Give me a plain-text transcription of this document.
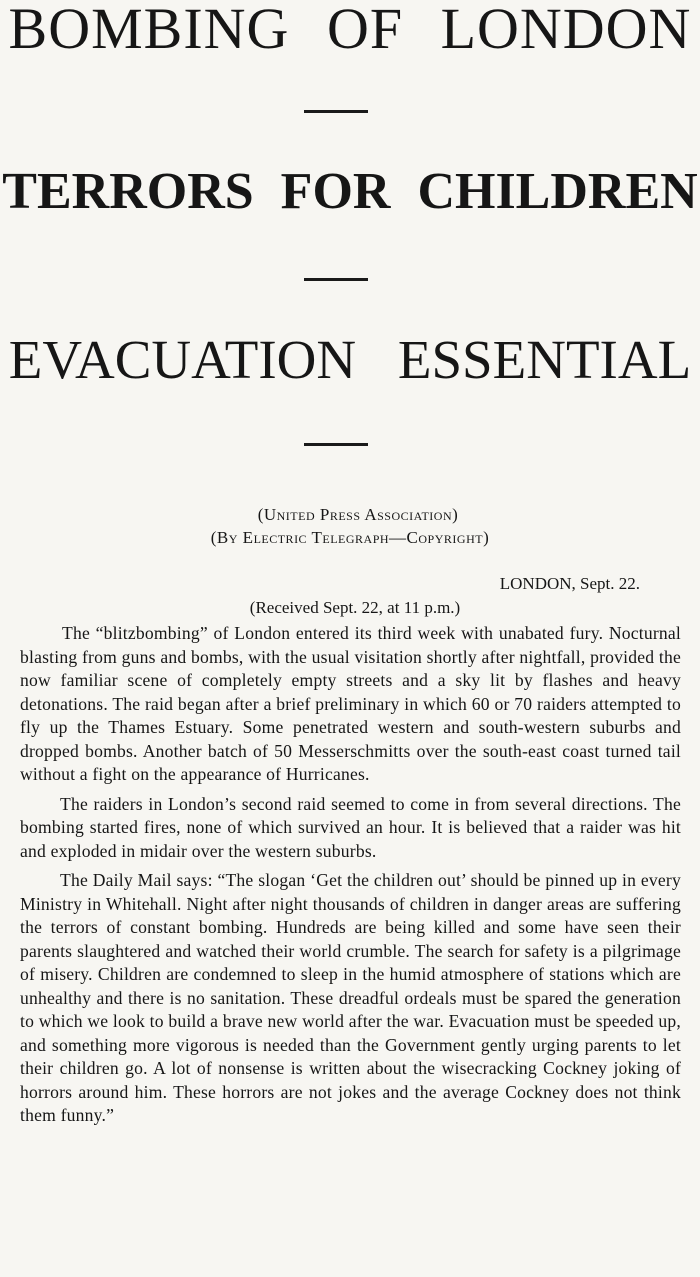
BOMBING OF LONDON
TERRORS FOR CHILDREN
EVACUATION ESSENTIAL

(United Press Association)

(By Electric Telegraph—Copyright)

LONDON, Sept. 22.

(Received Sept. 22, at 11 p.m.)

The “blitzbombing” of London entered its third week with unabated fury. Nocturnal blasting from guns and bombs, with the usual visitation shortly after nightfall, provided the now familiar scene of completely empty streets and a sky lit by flashes and heavy detonations. The raid began after a brief preliminary in which 60 or 70 raiders attempted to fly up the Thames Estuary. Some penetrated western and south-western suburbs and dropped bombs. Another batch of 50 Messerschmitts over the south-east coast turned tail without a fight on the appearance of Hurricanes.

The raiders in London’s second raid seemed to come in from several directions. The bombing started fires, none of which survived an hour. It is believed that a raider was hit and exploded in midair over the western suburbs.

The Daily Mail says: “The slogan ‘Get the children out’ should be pinned up in every Ministry in Whitehall. Night after night thousands of children in danger areas are suffering the terrors of constant bombing. Hundreds are being killed and some have seen their parents slaughtered and watched their world crumble. The search for safety is a pilgrimage of misery. Children are condemned to sleep in the humid atmosphere of stations which are unhealthy and there is no sanitation. These dreadful ordeals must be spared the generation to which we look to build a brave new world after the war. Evacuation must be speeded up, and something more vigorous is needed than the Government gently urging parents to let their children go. A lot of nonsense is written about the wisecracking Cockney joking of horrors around him. These horrors are not jokes and the average Cockney does not think them funny.”
